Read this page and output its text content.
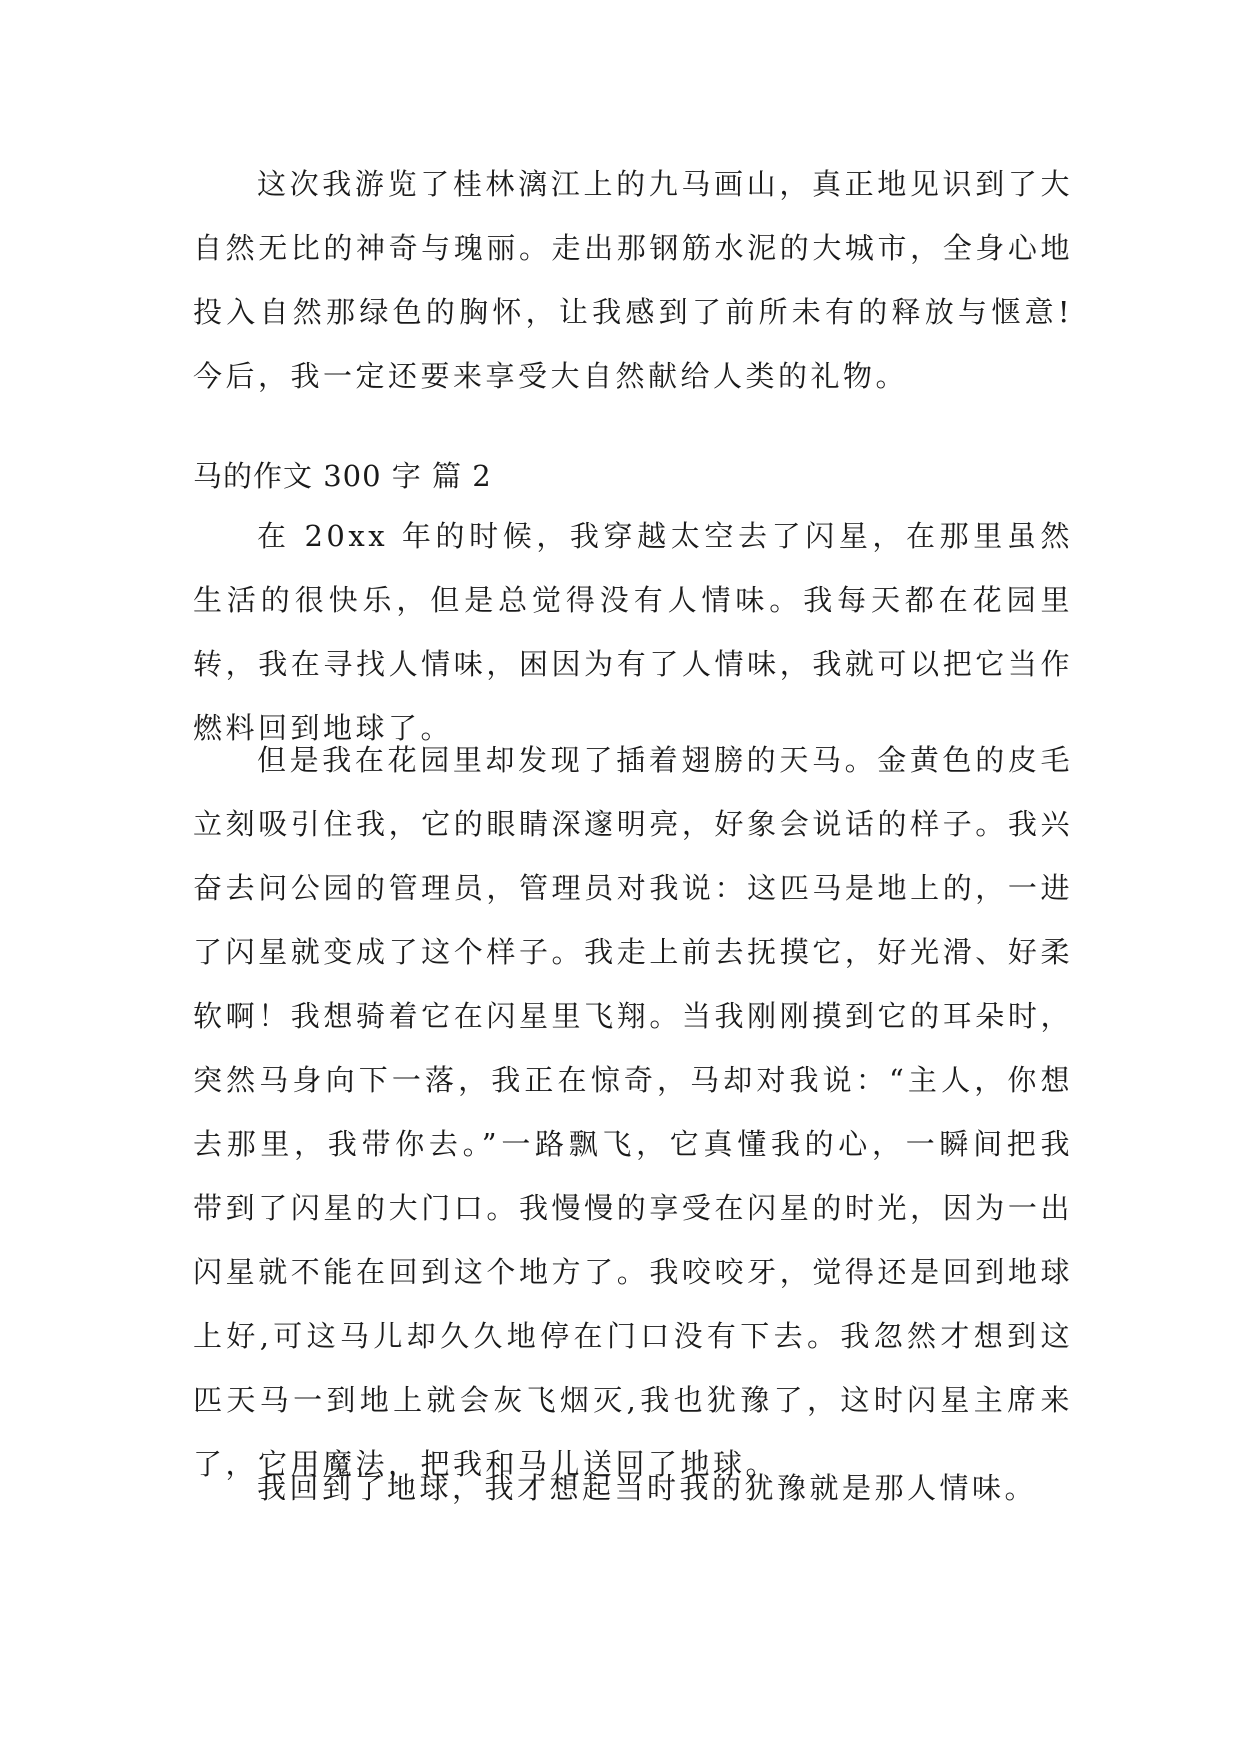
这次我游览了桂林漓江上的九马画山，真正地见识到了大自然无比的神奇与瑰丽。走出那钢筋水泥的大城市，全身心地投入自然那绿色的胸怀，让我感到了前所未有的释放与惬意!今后，我一定还要来享受大自然献给人类的礼物。

马的作文 300 字 篇 2

在 20xx 年的时候，我穿越太空去了闪星，在那里虽然生活的很快乐，但是总觉得没有人情味。我每天都在花园里转，我在寻找人情味，困因为有了人情味，我就可以把它当作燃料回到地球了。

但是我在花园里却发现了插着翅膀的天马。金黄色的皮毛立刻吸引住我，它的眼睛深邃明亮，好象会说话的样子。我兴奋去问公园的管理员，管理员对我说：这匹马是地上的，一进了闪星就变成了这个样子。我走上前去抚摸它，好光滑、好柔软啊！我想骑着它在闪星里飞翔。当我刚刚摸到它的耳朵时，突然马身向下一落，我正在惊奇，马却对我说：“主人，你想去那里，我带你去。”一路飘飞，它真懂我的心，一瞬间把我带到了闪星的大门口。我慢慢的享受在闪星的时光，因为一出闪星就不能在回到这个地方了。我咬咬牙，觉得还是回到地球上好,可这马儿却久久地停在门口没有下去。我忽然才想到这匹天马一到地上就会灰飞烟灭,我也犹豫了，这时闪星主席来了，它用魔法，把我和马儿送回了地球。

我回到了地球，我才想起当时我的犹豫就是那人情味。
